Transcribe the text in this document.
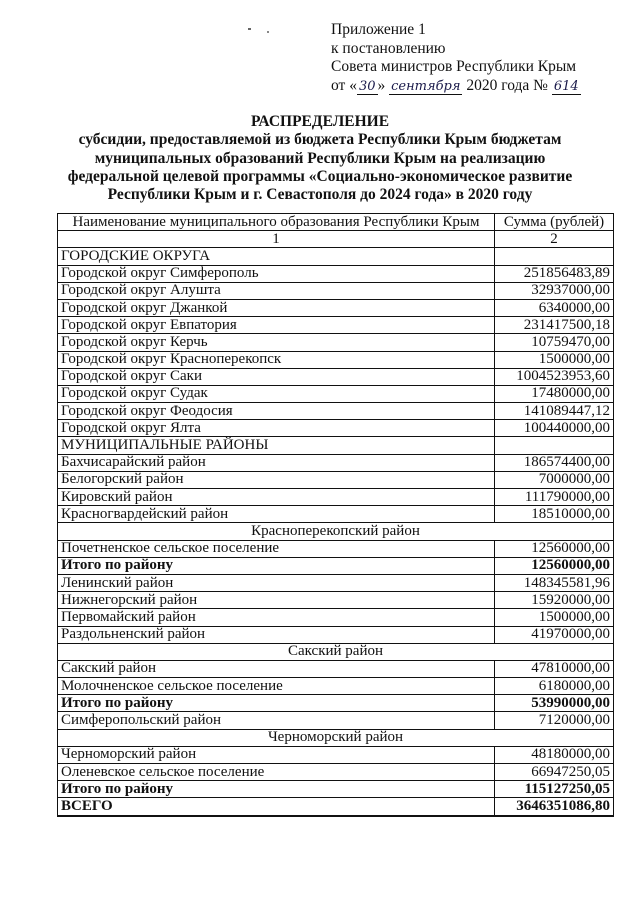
Приложение 1
к постановлению
Совета министров Республики Крым
от « 30 » сентября 2020 года № 614
РАСПРЕДЕЛЕНИЕ
субсидии, предоставляемой из бюджета Республики Крым бюджетам
муниципальных образований Республики Крым на реализацию
федеральной целевой программы «Социально-экономическое развитие
Республики Крым и г. Севастополя до 2024 года» в 2020 году
Наименование муниципального образования Республики Крым	Сумма (рублей)
1	2
ГОРОДСКИЕ ОКРУГА	
Городской округ Симферополь	251856483,89
Городской округ Алушта	32937000,00
Городской округ Джанкой	6340000,00
Городской округ Евпатория	231417500,18
Городской округ Керчь	10759470,00
Городской округ Красноперекопск	1500000,00
Городской округ Саки	1004523953,60
Городской округ Судак	17480000,00
Городской округ Феодосия	141089447,12
Городской округ Ялта	100440000,00
МУНИЦИПАЛЬНЫЕ РАЙОНЫ	
Бахчисарайский район	186574400,00
Белогорский район	7000000,00
Кировский район	111790000,00
Красногвардейский район	18510000,00
Красноперекопский район	
Почетненское сельское поселение	12560000,00
Итого по району	12560000,00
Ленинский район	148345581,96
Нижнегорский район	15920000,00
Первомайский район	1500000,00
Раздольненский район	41970000,00
Сакский район	
Сакский район	47810000,00
Молочненское сельское поселение	6180000,00
Итого по району	53990000,00
Симферопольский район	7120000,00
Черноморский район	
Черноморский район	48180000,00
Оленевское сельское поселение	66947250,05
Итого по району	115127250,05
ВСЕГО	3646351086,80
